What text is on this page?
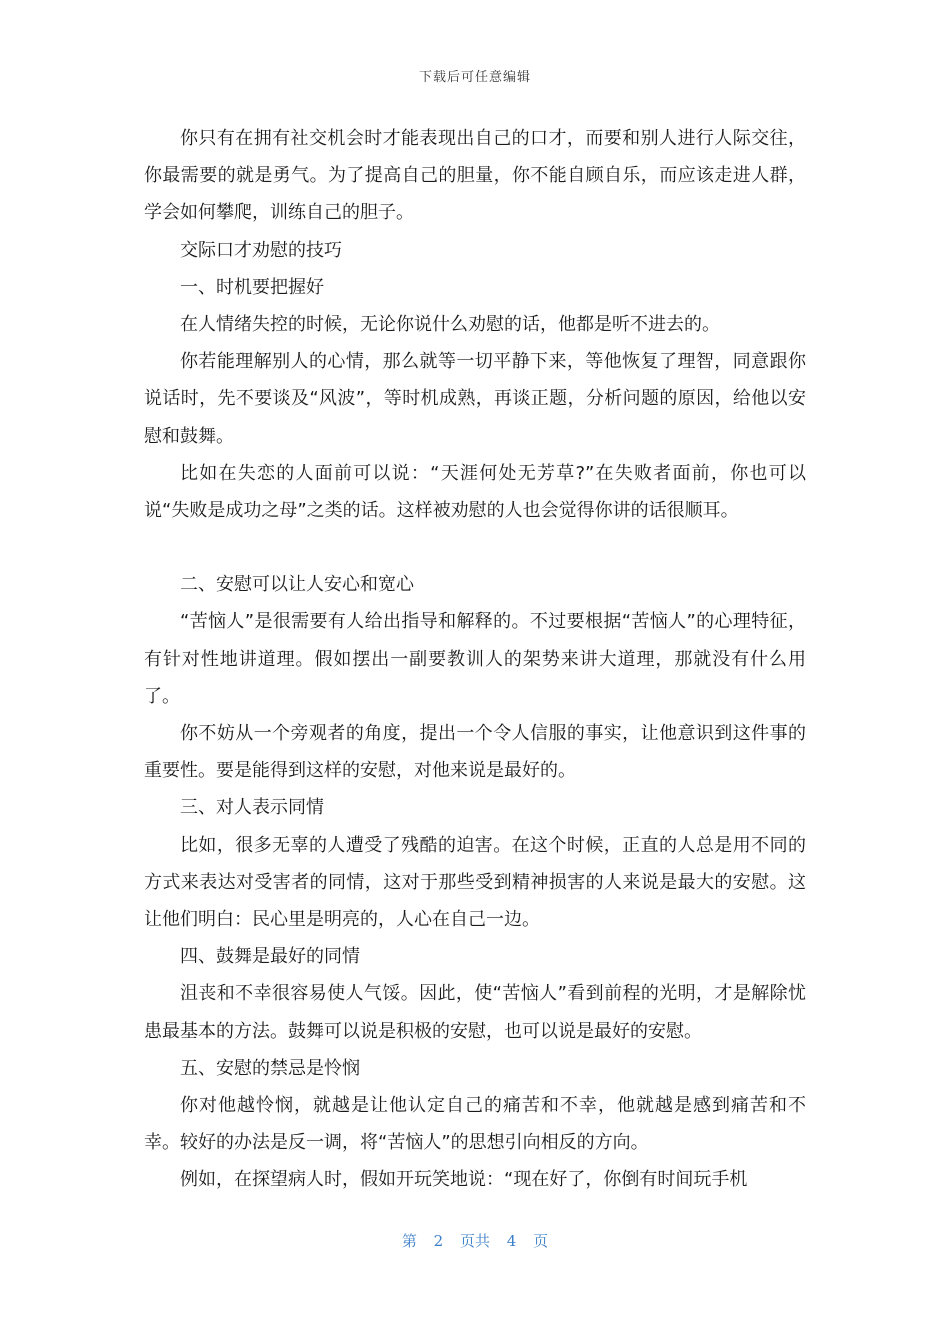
下载后可任意编辑

你只有在拥有社交机会时才能表现出自己的口才，而要和别人进行人际交往，你最需要的就是勇气。为了提高自己的胆量，你不能自顾自乐，而应该走进人群，学会如何攀爬，训练自己的胆子。

交际口才劝慰的技巧

一、时机要把握好

在人情绪失控的时候，无论你说什么劝慰的话，他都是听不进去的。

你若能理解别人的心情，那么就等一切平静下来，等他恢复了理智，同意跟你说话时，先不要谈及“风波”，等时机成熟，再谈正题，分析问题的原因，给他以安慰和鼓舞。

比如在失恋的人面前可以说：“天涯何处无芳草?”在失败者面前，你也可以说“失败是成功之母”之类的话。这样被劝慰的人也会觉得你讲的话很顺耳。

二、安慰可以让人安心和宽心

“苦恼人”是很需要有人给出指导和解释的。不过要根据“苦恼人”的心理特征，有针对性地讲道理。假如摆出一副要教训人的架势来讲大道理，那就没有什么用了。

你不妨从一个旁观者的角度，提出一个令人信服的事实，让他意识到这件事的重要性。要是能得到这样的安慰，对他来说是最好的。

三、对人表示同情

比如，很多无辜的人遭受了残酷的迫害。在这个时候，正直的人总是用不同的方式来表达对受害者的同情，这对于那些受到精神损害的人来说是最大的安慰。这让他们明白：民心里是明亮的，人心在自己一边。

四、鼓舞是最好的同情

沮丧和不幸很容易使人气馁。因此，使“苦恼人”看到前程的光明，才是解除忧患最基本的方法。鼓舞可以说是积极的安慰，也可以说是最好的安慰。

五、安慰的禁忌是怜悯

你对他越怜悯，就越是让他认定自己的痛苦和不幸，他就越是感到痛苦和不幸。较好的办法是反一调，将“苦恼人”的思想引向相反的方向。

例如，在探望病人时，假如开玩笑地说：“现在好了，你倒有时间玩手机

第 2 页共 4 页
